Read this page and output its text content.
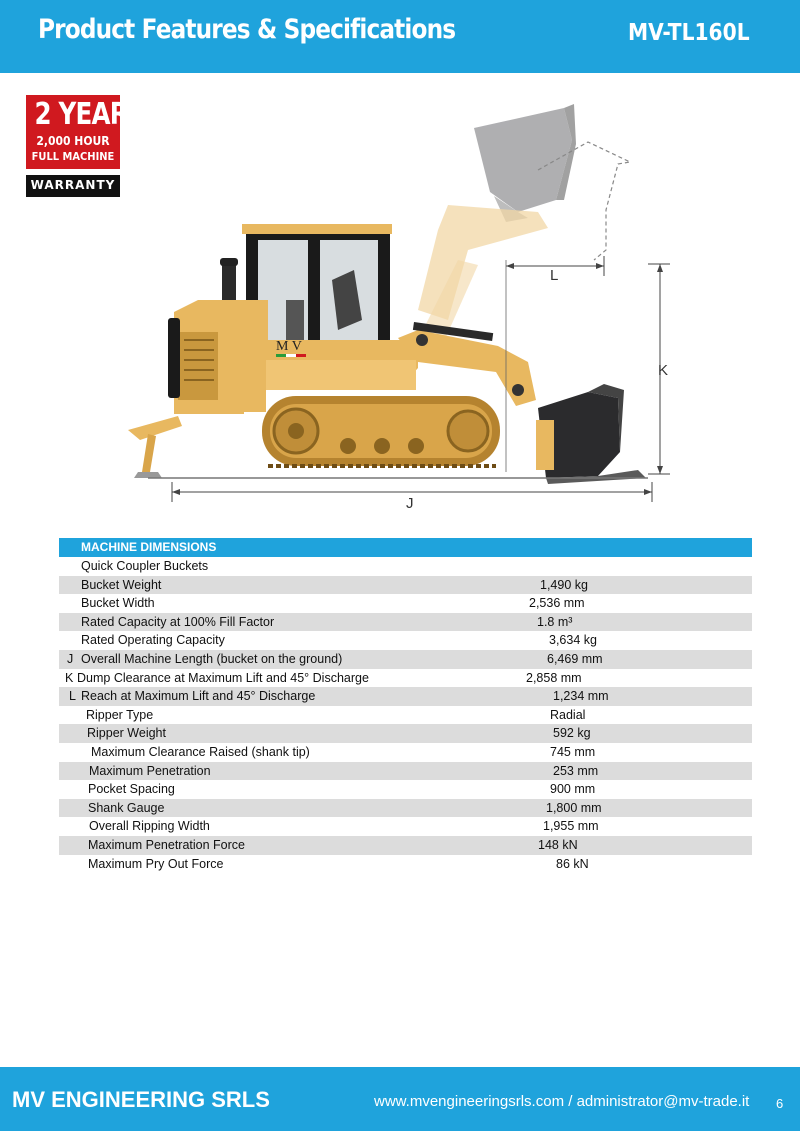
Product Features & Specifications	MV-TL160L
2 YEAR
2,000 HOUR
FULL MACHINE
WARRANTY
M V
J
K
L
MACHINE DIMENSIONS
Quick Coupler Buckets
Bucket Weight	1,490 kg
Bucket Width	2,536 mm
Rated Capacity at 100% Fill Factor	1.8 m³
Rated Operating Capacity	3,634 kg
J Overall Machine Length (bucket on the ground)	6,469 mm
K Dump Clearance at Maximum Lift and 45° Discharge	2,858 mm
L Reach at Maximum Lift and 45° Discharge	1,234 mm
Ripper Type	Radial
Ripper Weight	592 kg
Maximum Clearance Raised (shank tip)	745 mm
Maximum Penetration	253 mm
Pocket Spacing	900 mm
Shank Gauge	1,800 mm
Overall Ripping Width	1,955 mm
Maximum Penetration Force	148 kN
Maximum Pry Out Force	86 kN
MV ENGINEERING SRLS	www.mvengineeringsrls.com / administrator@mv-trade.it 6
